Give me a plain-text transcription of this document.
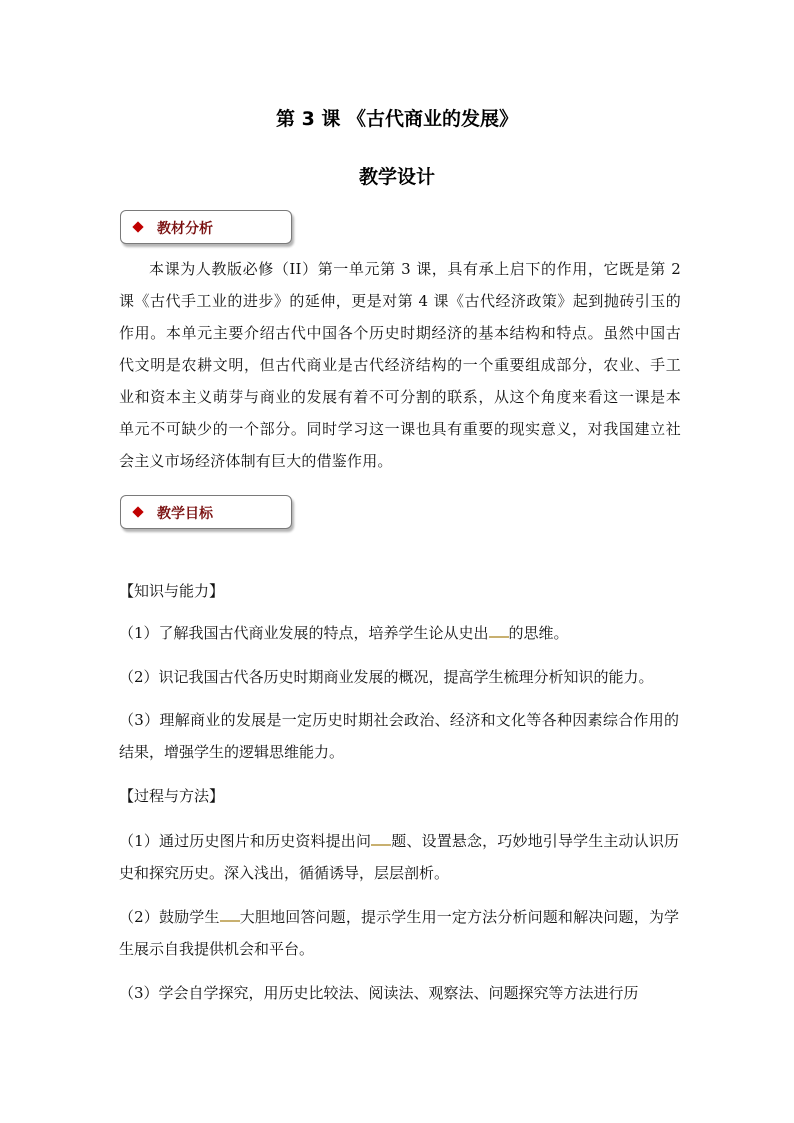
第 3 课 《古代商业的发展》
教学设计
教材分析
本课为人教版必修（II）第一单元第 3 课，具有承上启下的作用，它既是第 2 课《古代手工业的进步》的延伸，更是对第 4 课《古代经济政策》起到抛砖引玉的作用。本单元主要介绍古代中国各个历史时期经济的基本结构和特点。虽然中国古代文明是农耕文明，但古代商业是古代经济结构的一个重要组成部分，农业、手工业和资本主义萌芽与商业的发展有着不可分割的联系，从这个角度来看这一课是本单元不可缺少的一个部分。同时学习这一课也具有重要的现实意义，对我国建立社会主义市场经济体制有巨大的借鉴作用。
教学目标
【知识与能力】
（1）了解我国古代商业发展的特点，培养学生论从史出 的思维。
（2）识记我国古代各历史时期商业发展的概况，提高学生梳理分析知识的能力。
（3）理解商业的发展是一定历史时期社会政治、经济和文化等各种因素综合作用的结果，增强学生的逻辑思维能力。
【过程与方法】
（1）通过历史图片和历史资料提出问 题、设置悬念，巧妙地引导学生主动认识历史和探究历史。深入浅出，循循诱导，层层剖析。
（2）鼓励学生 大胆地回答问题，提示学生用一定方法分析问题和解决问题，为学生展示自我提供机会和平台。
（3）学会自学探究，用历史比较法、阅读法、观察法、问题探究等方法进行历
